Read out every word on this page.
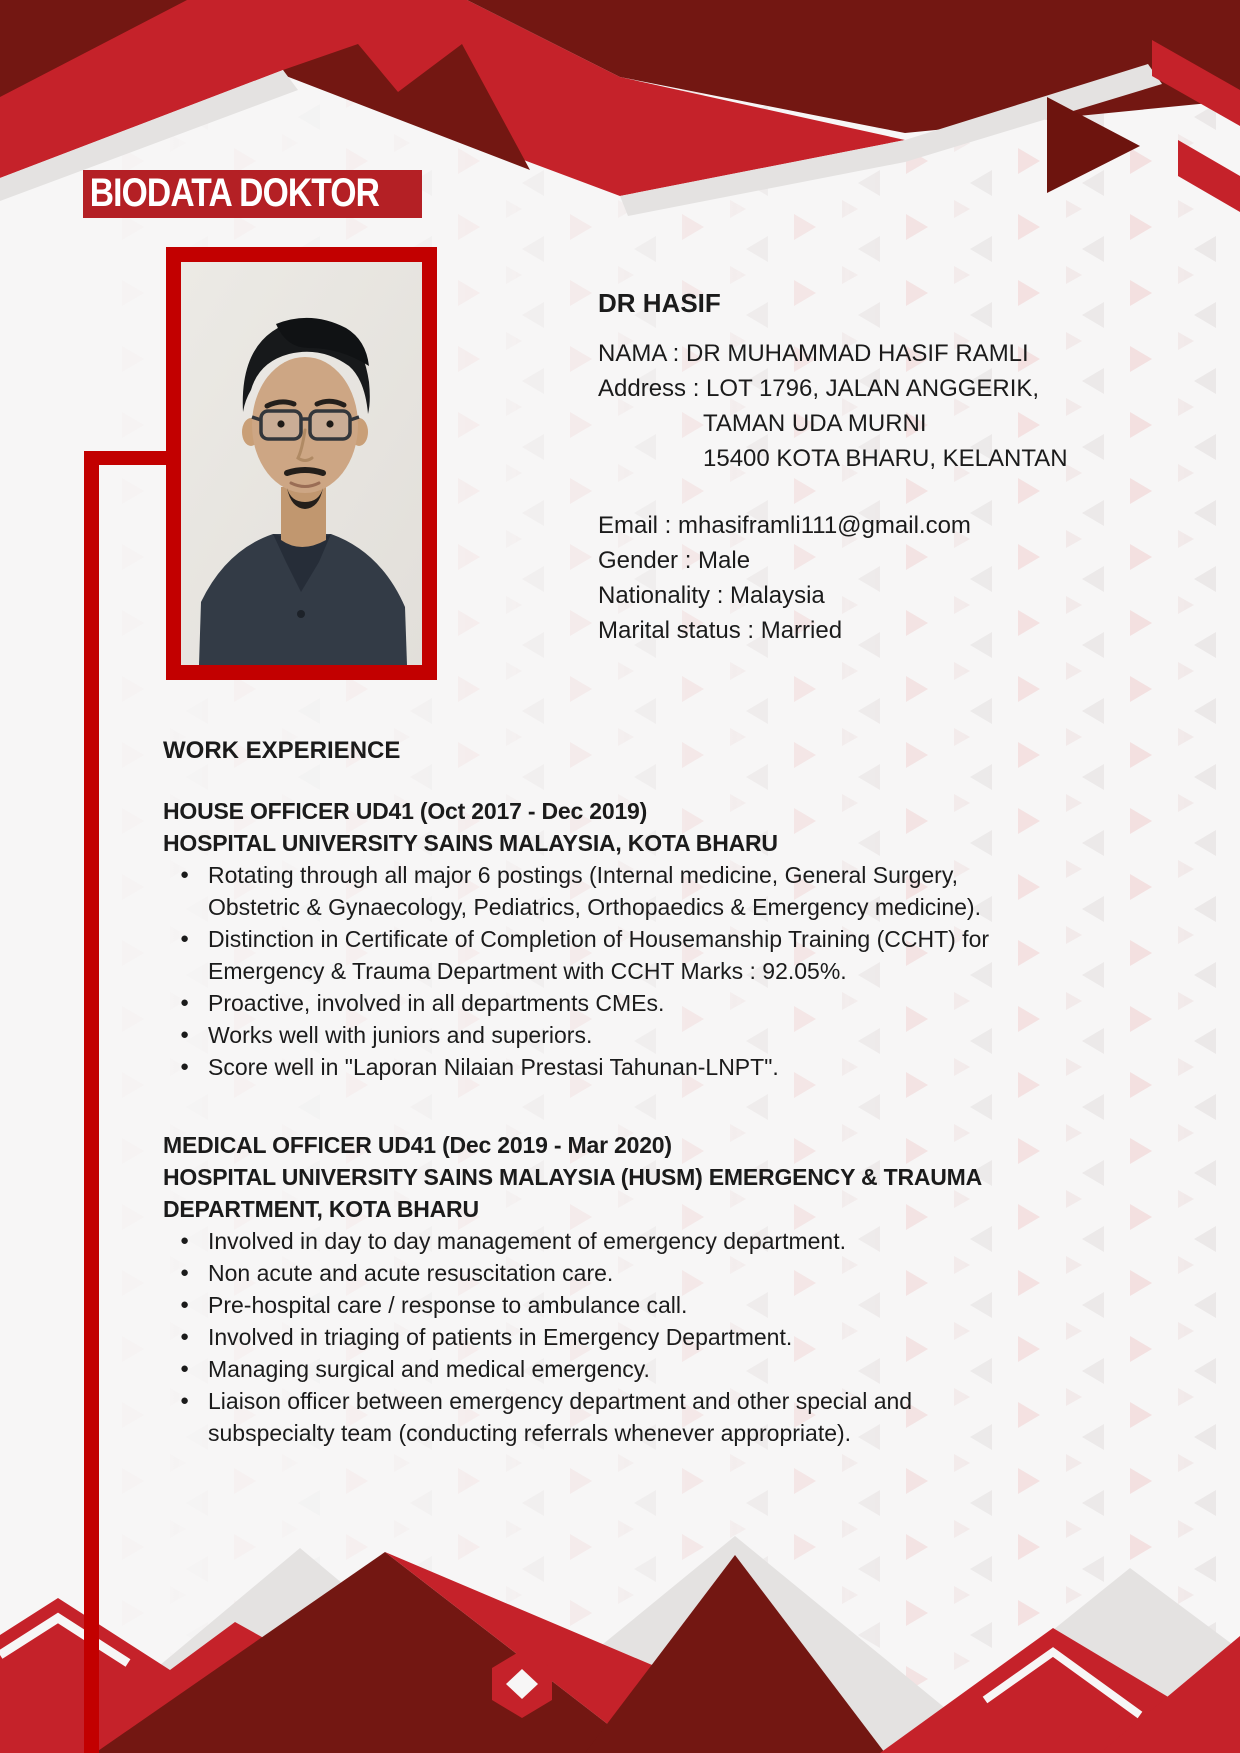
BIODATA DOKTOR
DR HASIF
NAMA : DR MUHAMMAD HASIF RAMLI
Address : LOT 1796, JALAN ANGGERIK,
TAMAN UDA MURNI
15400 KOTA BHARU, KELANTAN
Email : mhasiframli111@gmail.com
Gender : Male
Nationality : Malaysia
Marital status : Married
WORK EXPERIENCE
HOUSE OFFICER UD41 (Oct 2017 - Dec 2019)
HOSPITAL UNIVERSITY SAINS MALAYSIA, KOTA BHARU
● Rotating through all major 6 postings (Internal medicine, General Surgery, Obstetric & Gynaecology, Pediatrics, Orthopaedics & Emergency medicine).
● Distinction in Certificate of Completion of Housemanship Training (CCHT) for Emergency & Trauma Department with CCHT Marks : 92.05%.
● Proactive, involved in all departments CMEs.
● Works well with juniors and superiors.
● Score well in "Laporan Nilaian Prestasi Tahunan-LNPT".
MEDICAL OFFICER UD41 (Dec 2019 - Mar 2020)
HOSPITAL UNIVERSITY SAINS MALAYSIA (HUSM) EMERGENCY & TRAUMA DEPARTMENT, KOTA BHARU
● Involved in day to day management of emergency department.
● Non acute and acute resuscitation care.
● Pre-hospital care / response to ambulance call.
● Involved in triaging of patients in Emergency Department.
● Managing surgical and medical emergency.
● Liaison officer between emergency department and other special and subspecialty team (conducting referrals whenever appropriate).
